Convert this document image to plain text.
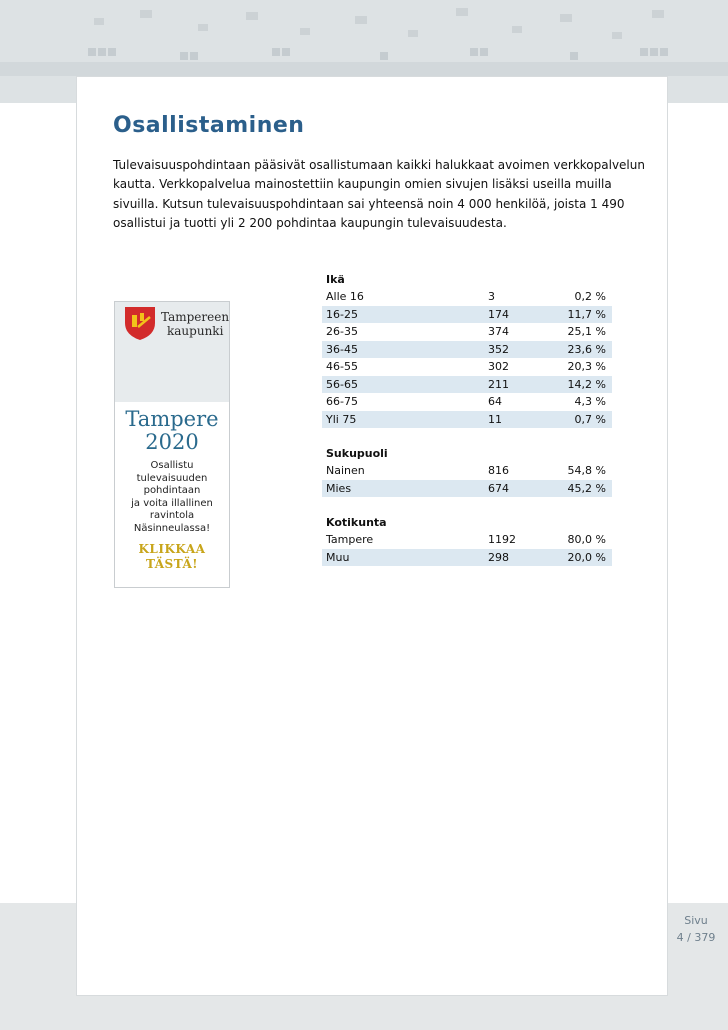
Osallistaminen

Tulevaisuuspohdintaan pääsivät osallistumaan kaikki halukkaat avoimen verkkopalvelun kautta. Verkkopalvelua mainostettiin kaupungin omien sivujen lisäksi useilla muilla sivuilla. Kutsun tulevaisuuspohdintaan sai yhteensä noin 4 000 henkilöä, joista 1 490 osallistui ja tuotti yli 2 200 pohdintaa kaupungin tulevaisuudesta.

Tampereen
kaupunki
Tampere
2020
Osallistu
tulevaisuuden
pohdintaan
ja voita illallinen
ravintola
Näsinneulassa!
KLIKKAA
TÄSTÄ!
Ikä
Alle 16	3	0,2 %
16-25	174	11,7 %
26-35	374	25,1 %
36-45	352	23,6 %
46-55	302	20,3 %
56-65	211	14,2 %
66-75	64	4,3 %
Yli 75	11	0,7 %
Sukupuoli
Nainen	816	54,8 %
Mies	674	45,2 %
Kotikunta
Tampere	1192	80,0 %
Muu	298	20,0 %
Sivu
4 / 379
